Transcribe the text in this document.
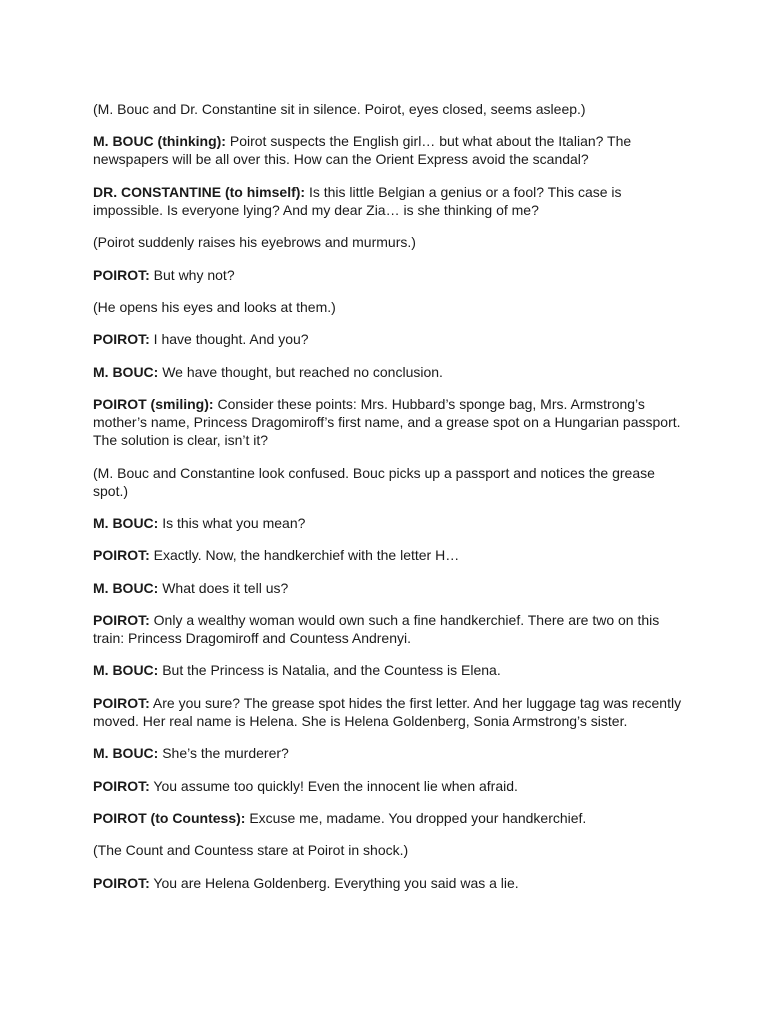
(M. Bouc and Dr. Constantine sit in silence. Poirot, eyes closed, seems asleep.)

M. BOUC (thinking): Poirot suspects the English girl… but what about the Italian? The newspapers will be all over this. How can the Orient Express avoid the scandal?

DR. CONSTANTINE (to himself): Is this little Belgian a genius or a fool? This case is impossible. Is everyone lying? And my dear Zia… is she thinking of me?

(Poirot suddenly raises his eyebrows and murmurs.)

POIROT: But why not?

(He opens his eyes and looks at them.)

POIROT: I have thought. And you?

M. BOUC: We have thought, but reached no conclusion.

POIROT (smiling): Consider these points: Mrs. Hubbard’s sponge bag, Mrs. Armstrong’s mother’s name, Princess Dragomiroff’s first name, and a grease spot on a Hungarian passport. The solution is clear, isn’t it?

(M. Bouc and Constantine look confused. Bouc picks up a passport and notices the grease spot.)

M. BOUC: Is this what you mean?

POIROT: Exactly. Now, the handkerchief with the letter H…

M. BOUC: What does it tell us?

POIROT: Only a wealthy woman would own such a fine handkerchief. There are two on this train: Princess Dragomiroff and Countess Andrenyi.

M. BOUC: But the Princess is Natalia, and the Countess is Elena.

POIROT: Are you sure? The grease spot hides the first letter. And her luggage tag was recently moved. Her real name is Helena. She is Helena Goldenberg, Sonia Armstrong’s sister.

M. BOUC: She’s the murderer?

POIROT: You assume too quickly! Even the innocent lie when afraid.

POIROT (to Countess): Excuse me, madame. You dropped your handkerchief.

(The Count and Countess stare at Poirot in shock.)

POIROT: You are Helena Goldenberg. Everything you said was a lie.
